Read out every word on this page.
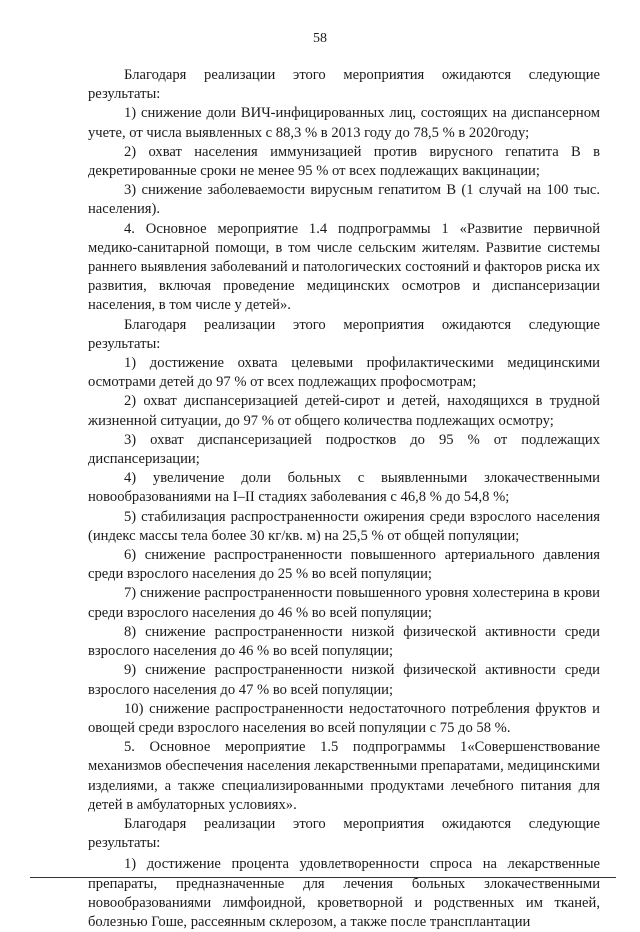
58

Благодаря реализации этого мероприятия ожидаются следующие результаты:

1) снижение доли ВИЧ-инфицированных лиц, состоящих на диспансерном учете, от числа выявленных с 88,3 % в 2013 году до 78,5 % в 2020году;

2) охват населения иммунизацией против вирусного гепатита В в декретированные сроки не менее 95 % от всех подлежащих вакцинации;

3) снижение заболеваемости вирусным гепатитом В (1 случай на 100 тыс. населения).

4. Основное мероприятие 1.4 подпрограммы 1 «Развитие первичной медико-санитарной помощи, в том числе сельским жителям. Развитие системы раннего выявления заболеваний и патологических состояний и факторов риска их развития, включая проведение медицинских осмотров и диспансеризации населения, в том числе у детей».

Благодаря реализации этого мероприятия ожидаются следующие результаты:

1) достижение охвата целевыми профилактическими медицинскими осмотрами детей до 97 % от всех подлежащих профосмотрам;

2) охват диспансеризацией детей-сирот и детей, находящихся в трудной жизненной ситуации, до 97 % от общего количества подлежащих осмотру;

3) охват диспансеризацией подростков до 95 % от подлежащих диспансеризации;

4) увеличение доли больных с выявленными злокачественными новообразованиями на I–II стадиях заболевания с 46,8 % до 54,8 %;

5) стабилизация распространенности ожирения среди взрослого населения (индекс массы тела более 30 кг/кв. м) на 25,5 % от общей популяции;

6) снижение распространенности повышенного артериального давления среди взрослого населения до 25 % во всей популяции;

7) снижение распространенности повышенного уровня холестерина в крови среди взрослого населения до 46 % во всей популяции;

8) снижение распространенности низкой физической активности среди взрослого населения до 46 % во всей популяции;

9) снижение распространенности низкой физической активности среди взрослого населения до 47 % во всей популяции;

10) снижение распространенности недостаточного потребления фруктов и овощей среди взрослого населения во всей популяции с 75 до 58 %.

5. Основное мероприятие 1.5 подпрограммы 1«Совершенствование механизмов обеспечения населения лекарственными препаратами, медицинскими изделиями, а также специализированными продуктами лечебного питания для детей в амбулаторных условиях».

Благодаря реализации этого мероприятия ожидаются следующие результаты:

1) достижение процента удовлетворенности спроса на лекарственные препараты, предназначенные для лечения больных злокачественными новообразованиями лимфоидной, кроветворной и родственных им тканей, болезнью Гоше, рассеянным склерозом, а также после трансплантации
